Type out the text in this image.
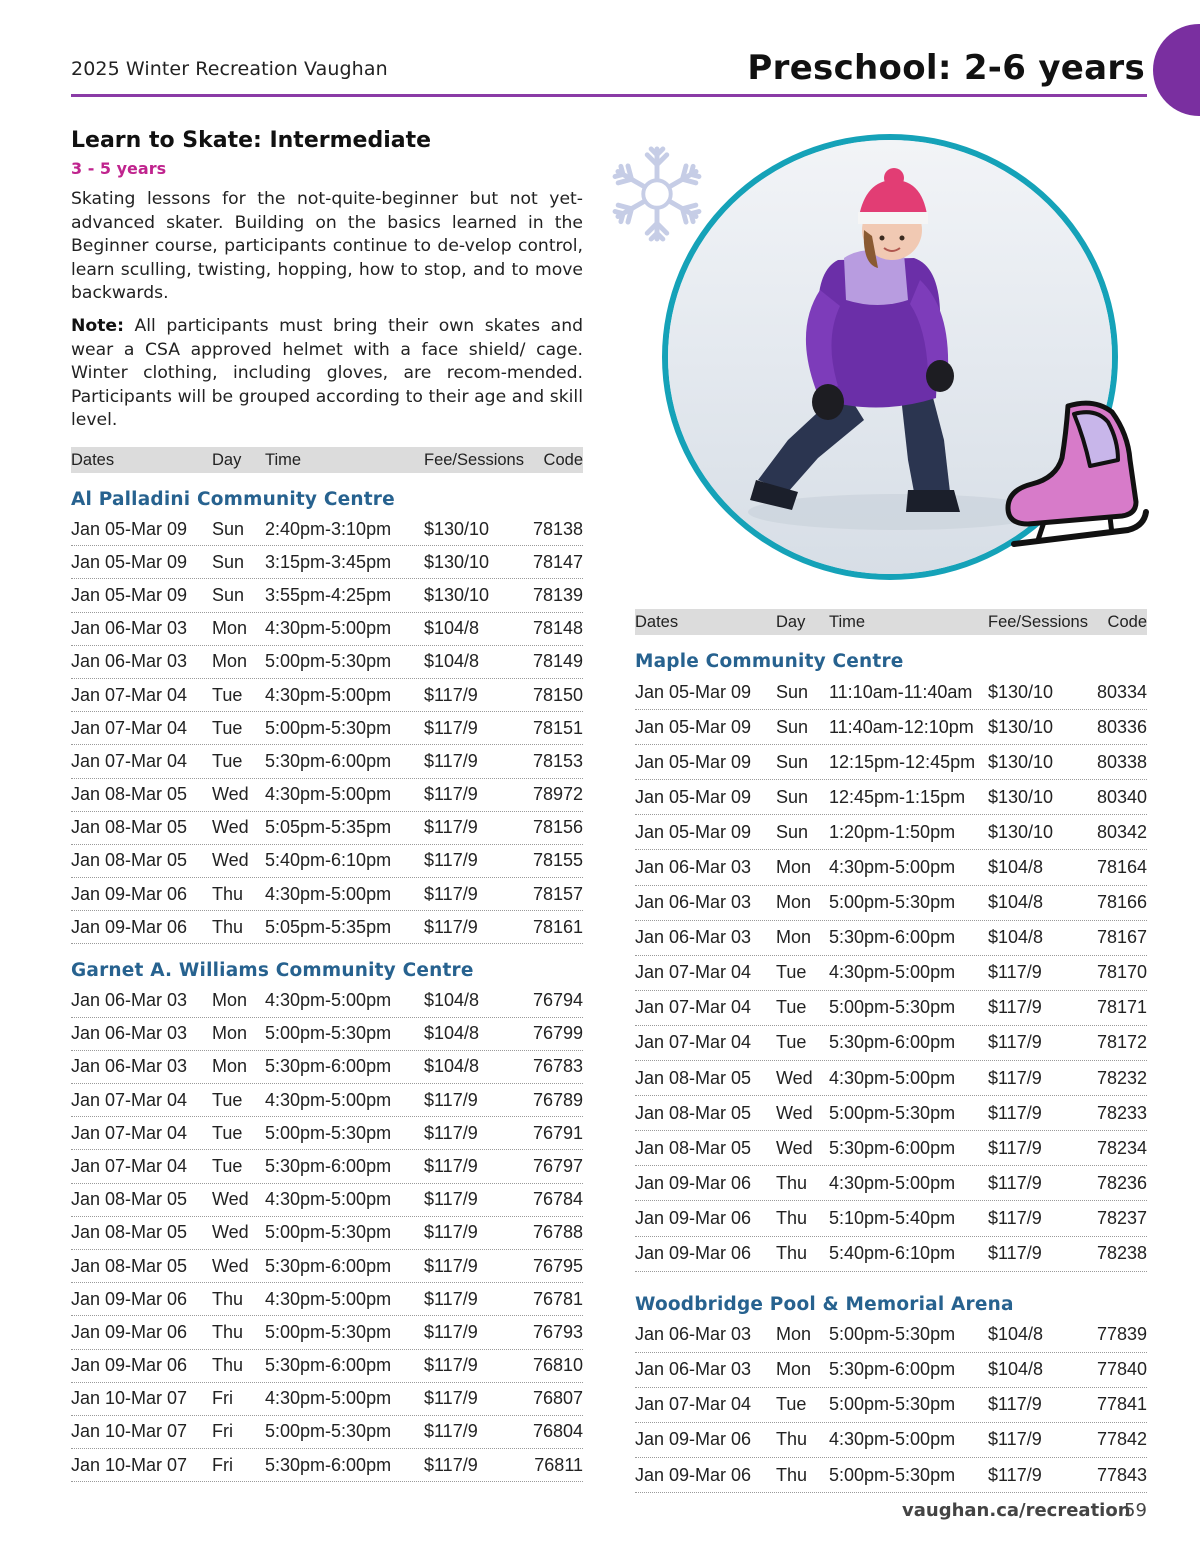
2025 Winter Recreation Vaughan	Preschool: 2-6 years
Learn to Skate: Intermediate
3 - 5 years

Skating lessons for the not-quite-beginner but not yet-advanced skater. Building on the basics learned in the Beginner course, participants continue to de-velop control, learn sculling, twisting, hopping, how to stop, and to move backwards.

Note: All participants must bring their own skates and wear a CSA approved helmet with a face shield/ cage. Winter clothing, including gloves, are recom-mended. Participants will be grouped according to their age and skill level.

Dates	Day	Time	Fee/Sessions	Code
Al Palladini Community Centre
Jan 05-Mar 09	Sun	2:40pm-3:10pm	$130/10	78138
Jan 05-Mar 09	Sun	3:15pm-3:45pm	$130/10	78147
Jan 05-Mar 09	Sun	3:55pm-4:25pm	$130/10	78139
Jan 06-Mar 03	Mon 4:30pm-5:00pm	$104/8	78148
Jan 06-Mar 03	Mon 5:00pm-5:30pm	$104/8	78149
Jan 07-Mar 04	Tue	4:30pm-5:00pm	$117/9	78150
Jan 07-Mar 04	Tue	5:00pm-5:30pm	$117/9	78151
Jan 07-Mar 04	Tue	5:30pm-6:00pm	$117/9	78153
Jan 08-Mar 05	Wed 4:30pm-5:00pm	$117/9	78972
Jan 08-Mar 05	Wed 5:05pm-5:35pm	$117/9	78156
Jan 08-Mar 05	Wed 5:40pm-6:10pm	$117/9	78155
Jan 09-Mar 06	Thu	4:30pm-5:00pm	$117/9	78157
Jan 09-Mar 06	Thu	5:05pm-5:35pm	$117/9	78161
Garnet A. Williams Community Centre
Jan 06-Mar 03	Mon 4:30pm-5:00pm	$104/8	76794
Jan 06-Mar 03	Mon 5:00pm-5:30pm	$104/8	76799
Jan 06-Mar 03	Mon 5:30pm-6:00pm	$104/8	76783
Jan 07-Mar 04	Tue	4:30pm-5:00pm	$117/9	76789
Jan 07-Mar 04	Tue	5:00pm-5:30pm	$117/9	76791
Jan 07-Mar 04	Tue	5:30pm-6:00pm	$117/9	76797
Jan 08-Mar 05	Wed 4:30pm-5:00pm	$117/9	76784
Jan 08-Mar 05	Wed 5:00pm-5:30pm	$117/9	76788
Jan 08-Mar 05	Wed 5:30pm-6:00pm	$117/9	76795
Jan 09-Mar 06	Thu	4:30pm-5:00pm	$117/9	76781
Jan 09-Mar 06	Thu	5:00pm-5:30pm	$117/9	76793
Jan 09-Mar 06	Thu	5:30pm-6:00pm	$117/9	76810
Jan 10-Mar 07	Fri	4:30pm-5:00pm	$117/9	76807
Jan 10-Mar 07	Fri	5:00pm-5:30pm	$117/9	76804
Jan 10-Mar 07	Fri	5:30pm-6:00pm	$117/9	76811
Dates	Day	Time	Fee/Sessions	Code
Maple Community Centre
Jan 05-Mar 09	Sun	11:10am-11:40am $130/10	80334
Jan 05-Mar 09	Sun	11:40am-12:10pm $130/10	80336
Jan 05-Mar 09	Sun	12:15pm-12:45pm $130/10	80338
Jan 05-Mar 09	Sun	12:45pm-1:15pm	$130/10	80340
Jan 05-Mar 09	Sun	1:20pm-1:50pm	$130/10	80342
Jan 06-Mar 03	Mon 4:30pm-5:00pm	$104/8	78164
Jan 06-Mar 03	Mon 5:00pm-5:30pm	$104/8	78166
Jan 06-Mar 03	Mon 5:30pm-6:00pm	$104/8	78167
Jan 07-Mar 04	Tue	4:30pm-5:00pm	$117/9	78170
Jan 07-Mar 04	Tue	5:00pm-5:30pm	$117/9	78171
Jan 07-Mar 04	Tue	5:30pm-6:00pm	$117/9	78172
Jan 08-Mar 05	Wed 4:30pm-5:00pm	$117/9	78232
Jan 08-Mar 05	Wed 5:00pm-5:30pm	$117/9	78233
Jan 08-Mar 05	Wed 5:30pm-6:00pm	$117/9	78234
Jan 09-Mar 06	Thu	4:30pm-5:00pm	$117/9	78236
Jan 09-Mar 06	Thu	5:10pm-5:40pm	$117/9	78237
Jan 09-Mar 06	Thu	5:40pm-6:10pm	$117/9	78238
Woodbridge Pool & Memorial Arena
Jan 06-Mar 03	Mon 5:00pm-5:30pm	$104/8	77839
Jan 06-Mar 03	Mon 5:30pm-6:00pm	$104/8	77840
Jan 07-Mar 04	Tue	5:00pm-5:30pm	$117/9	77841
Jan 09-Mar 06	Thu	4:30pm-5:00pm	$117/9	77842
Jan 09-Mar 06	Thu	5:00pm-5:30pm	$117/9	77843
vaughan.ca/recreation
59
